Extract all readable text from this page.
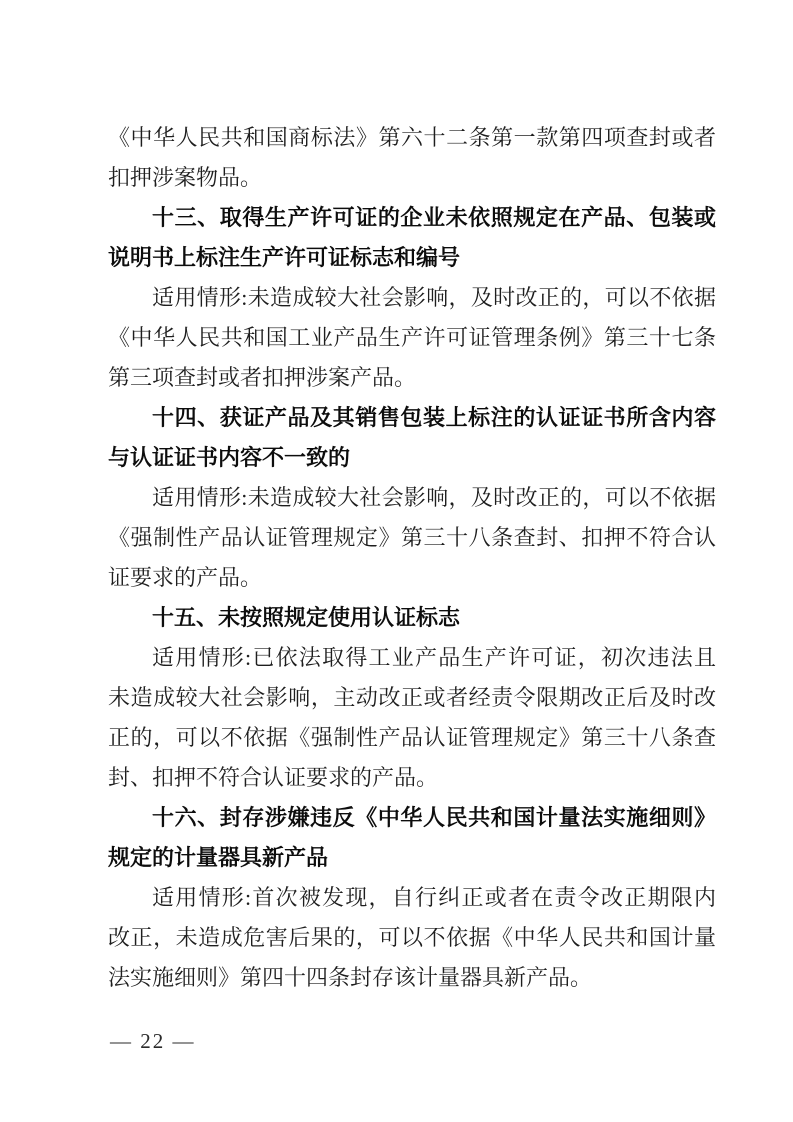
《中华人民共和国商标法》第六十二条第一款第四项查封或者
扣押涉案物品。
十三、取得生产许可证的企业未依照规定在产品、包装或
说明书上标注生产许可证标志和编号
适用情形:未造成较大社会影响，及时改正的，可以不依据
《中华人民共和国工业产品生产许可证管理条例》第三十七条
第三项查封或者扣押涉案产品。
十四、获证产品及其销售包装上标注的认证证书所含内容
与认证证书内容不一致的
适用情形:未造成较大社会影响，及时改正的，可以不依据
《强制性产品认证管理规定》第三十八条查封、扣押不符合认
证要求的产品。
十五、未按照规定使用认证标志
适用情形:已依法取得工业产品生产许可证，初次违法且
未造成较大社会影响，主动改正或者经责令限期改正后及时改
正的，可以不依据《强制性产品认证管理规定》第三十八条查
封、扣押不符合认证要求的产品。
十六、封存涉嫌违反《中华人民共和国计量法实施细则》
规定的计量器具新产品
适用情形:首次被发现，自行纠正或者在责令改正期限内
改正，未造成危害后果的，可以不依据《中华人民共和国计量
法实施细则》第四十四条封存该计量器具新产品。
— 22 —
